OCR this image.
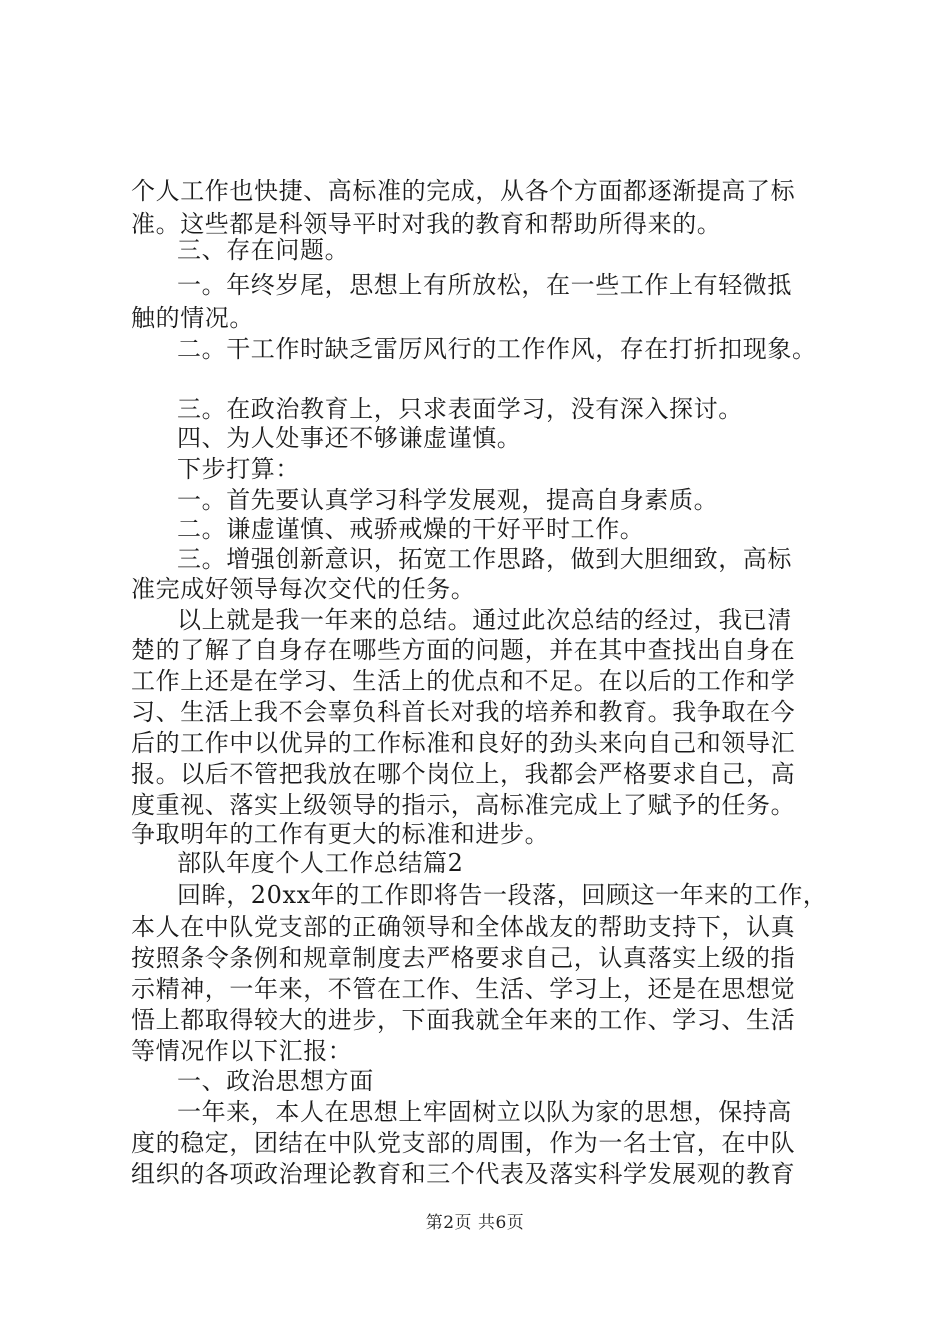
个人工作也快捷、高标准的完成，从各个方面都逐渐提高了标
准。这些都是科领导平时对我的教育和帮助所得来的。
三、存在问题。
一。年终岁尾，思想上有所放松，在一些工作上有轻微抵
触的情况。
二。干工作时缺乏雷厉风行的工作作风，存在打折扣现象。
三。在政治教育上，只求表面学习，没有深入探讨。
四、为人处事还不够谦虚谨慎。
下步打算：
一。首先要认真学习科学发展观，提高自身素质。
二。谦虚谨慎、戒骄戒燥的干好平时工作。
三。增强创新意识，拓宽工作思路，做到大胆细致，高标
准完成好领导每次交代的任务。
以上就是我一年来的总结。通过此次总结的经过，我已清
楚的了解了自身存在哪些方面的问题，并在其中查找出自身在
工作上还是在学习、生活上的优点和不足。在以后的工作和学
习、生活上我不会辜负科首长对我的培养和教育。我争取在今
后的工作中以优异的工作标准和良好的劲头来向自己和领导汇
报。以后不管把我放在哪个岗位上，我都会严格要求自己，高
度重视、落实上级领导的指示，高标准完成上了赋予的任务。
争取明年的工作有更大的标准和进步。
部队年度个人工作总结篇2
回眸，20xx年的工作即将告一段落，回顾这一年来的工作，
本人在中队党支部的正确领导和全体战友的帮助支持下，认真
按照条令条例和规章制度去严格要求自己，认真落实上级的指
示精神，一年来，不管在工作、生活、学习上，还是在思想觉
悟上都取得较大的进步，下面我就全年来的工作、学习、生活
等情况作以下汇报：
一、政治思想方面
一年来，本人在思想上牢固树立以队为家的思想，保持高
度的稳定，团结在中队党支部的周围，作为一名士官，在中队
组织的各项政治理论教育和三个代表及落实科学发展观的教育
第2页 共6页
